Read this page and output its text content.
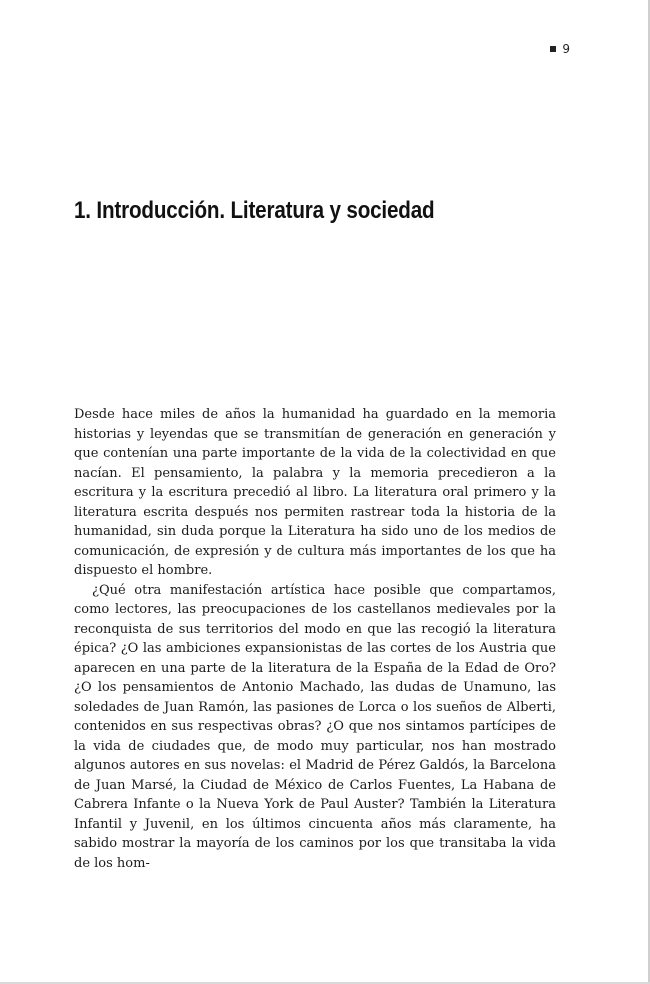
9
1. Introducción. Literatura y sociedad

Desde hace miles de años la humanidad ha guardado en la memoria historias y leyendas que se transmitían de generación en generación y que contenían una parte importante de la vida de la colectividad en que nacían. El pensamiento, la palabra y la memoria precedieron a la escritura y la escritura precedió al libro. La literatura oral primero y la literatura escrita después nos permiten rastrear toda la historia de la humanidad, sin duda porque la Literatura ha sido uno de los medios de comunicación, de expresión y de cultura más importantes de los que ha dispuesto el hombre.

¿Qué otra manifestación artística hace posible que compartamos, como lectores, las preocupaciones de los castellanos medievales por la reconquista de sus territorios del modo en que las recogió la literatura épica? ¿O las ambiciones expansionistas de las cortes de los Austria que aparecen en una parte de la literatura de la España de la Edad de Oro? ¿O los pensamientos de Antonio Machado, las dudas de Unamuno, las soledades de Juan Ramón, las pasiones de Lorca o los sueños de Alberti, contenidos en sus respectivas obras? ¿O que nos sintamos partícipes de la vida de ciudades que, de modo muy particular, nos han mostrado algunos autores en sus novelas: el Madrid de Pérez Galdós, la Barcelona de Juan Marsé, la Ciudad de México de Carlos Fuentes, La Habana de Cabrera Infante o la Nueva York de Paul Auster? También la Literatura Infantil y Juvenil, en los últimos cincuenta años más claramente, ha sabido mostrar la mayoría de los caminos por los que transitaba la vida de los hom-
